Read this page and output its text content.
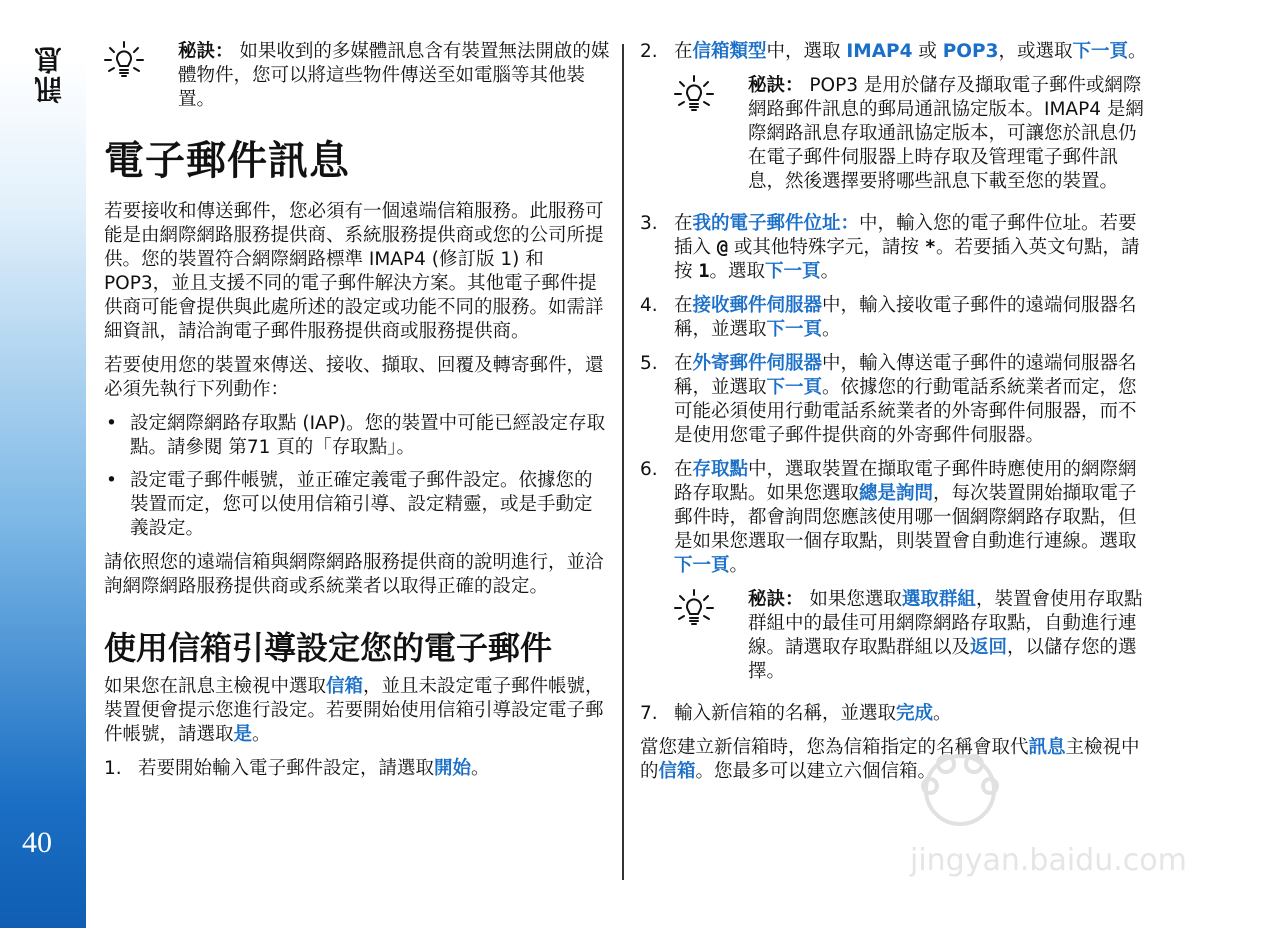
訊息
40
秘訣： 如果收到的多媒體訊息含有裝置無法開啟的媒體物件，您可以將這些物件傳送至如電腦等其他裝置。
電子郵件訊息

若要接收和傳送郵件，您必須有一個遠端信箱服務。此服務可能是由網際網路服務提供商、系統服務提供商或您的公司所提供。您的裝置符合網際網路標準 IMAP4 (修訂版 1) 和 POP3，並且支援不同的電子郵件解決方案。其他電子郵件提供商可能會提供與此處所述的設定或功能不同的服務。如需詳細資訊，請洽詢電子郵件服務提供商或服務提供商。

若要使用您的裝置來傳送、接收、擷取、回覆及轉寄郵件，還必須先執行下列動作：

• 設定網際網路存取點 (IAP)。您的裝置中可能已經設定存取點。請參閱 第71 頁的「存取點」。
• 設定電子郵件帳號，並正確定義電子郵件設定。依據您的裝置而定，您可以使用信箱引導、設定精靈，或是手動定義設定。

請依照您的遠端信箱與網際網路服務提供商的說明進行，並洽詢網際網路服務提供商或系統業者以取得正確的設定。

使用信箱引導設定您的電子郵件

如果您在訊息主檢視中選取信箱，並且未設定電子郵件帳號，裝置便會提示您進行設定。若要開始使用信箱引導設定電子郵件帳號，請選取是。

1. 若要開始輸入電子郵件設定，請選取開始。
2. 在信箱類型中，選取 IMAP4 或 POP3，或選取下一頁。
秘訣： POP3 是用於儲存及擷取電子郵件或網際網路郵件訊息的郵局通訊協定版本。IMAP4 是網際網路訊息存取通訊協定版本，可讓您於訊息仍在電子郵件伺服器上時存取及管理電子郵件訊息，然後選擇要將哪些訊息下載至您的裝置。
3. 在我的電子郵件位址：中，輸入您的電子郵件位址。若要插入 @ 或其他特殊字元，請按 *。若要插入英文句點，請按 1。選取下一頁。
4. 在接收郵件伺服器中，輸入接收電子郵件的遠端伺服器名稱，並選取下一頁。
5. 在外寄郵件伺服器中，輸入傳送電子郵件的遠端伺服器名稱，並選取下一頁。依據您的行動電話系統業者而定，您可能必須使用行動電話系統業者的外寄郵件伺服器，而不是使用您電子郵件提供商的外寄郵件伺服器。
6. 在存取點中，選取裝置在擷取電子郵件時應使用的網際網路存取點。如果您選取總是詢問，每次裝置開始擷取電子郵件時，都會詢問您應該使用哪一個網際網路存取點，但是如果您選取一個存取點，則裝置會自動進行連線。選取下一頁。
秘訣： 如果您選取選取群組，裝置會使用存取點群組中的最佳可用網際網路存取點，自動進行連線。請選取存取點群組以及返回，以儲存您的選擇。
7. 輸入新信箱的名稱，並選取完成。

當您建立新信箱時，您為信箱指定的名稱會取代訊息主檢視中的信箱。您最多可以建立六個信箱。

jingyan.baidu.com
